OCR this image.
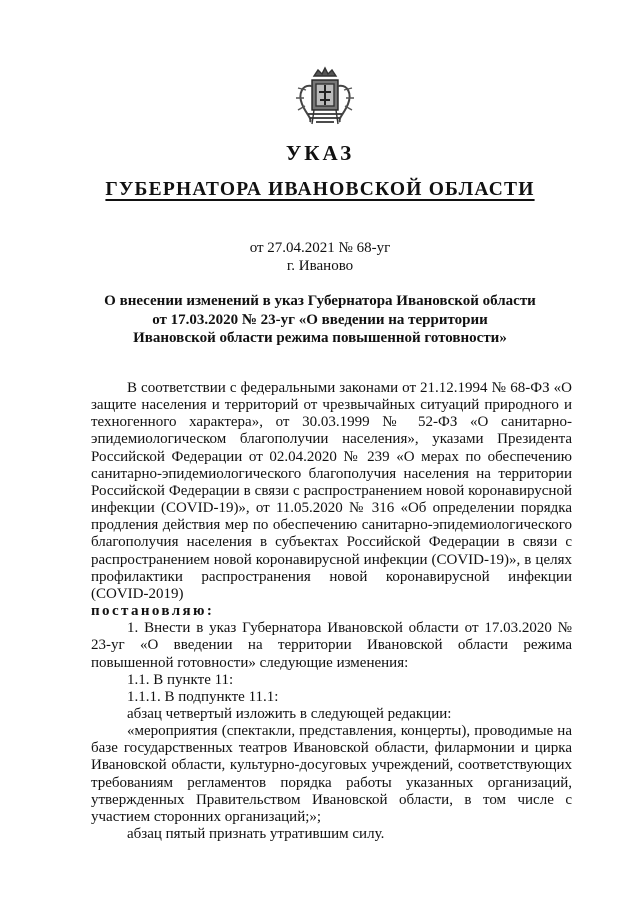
УКАЗ
ГУБЕРНАТОРА ИВАНОВСКОЙ ОБЛАСТИ
от 27.04.2021 № 68-уг
г. Иваново
О внесении изменений в указ Губернатора Ивановской области
от 17.03.2020 № 23-уг «О введении на территории
Ивановской области режима повышенной готовности»

В соответствии с федеральными законами от 21.12.1994 № 68-ФЗ «О защите населения и территорий от чрезвычайных ситуаций природного и техногенного характера», от 30.03.1999 № 52-ФЗ «О санитарно-эпидемиологическом благополучии населения», указами Президента Российской Федерации от 02.04.2020 № 239 «О мерах по обеспечению санитарно-эпидемиологического благополучия населения на территории Российской Федерации в связи с распространением новой коронавирусной инфекции (COVID-19)», от 11.05.2020 № 316 «Об определении порядка продления действия мер по обеспечению санитарно-эпидемиологического благополучия населения в субъектах Российской Федерации в связи с распространением новой коронавирусной инфекции (COVID-19)», в целях профилактики распространения новой коронавирусной инфекции (COVID-2019)
постановляю:

1. Внести в указ Губернатора Ивановской области от 17.03.2020 № 23-уг «О введении на территории Ивановской области режима повышенной готовности» следующие изменения:

1.1. В пункте 11:

1.1.1. В подпункте 11.1:

абзац четвертый изложить в следующей редакции:

«мероприятия (спектакли, представления, концерты), проводимые на базе государственных театров Ивановской области, филармонии и цирка Ивановской области, культурно-досуговых учреждений, соответствующих требованиям регламентов порядка работы указанных организаций, утвержденных Правительством Ивановской области, в том числе с участием сторонних организаций;»;

абзац пятый признать утратившим силу.
